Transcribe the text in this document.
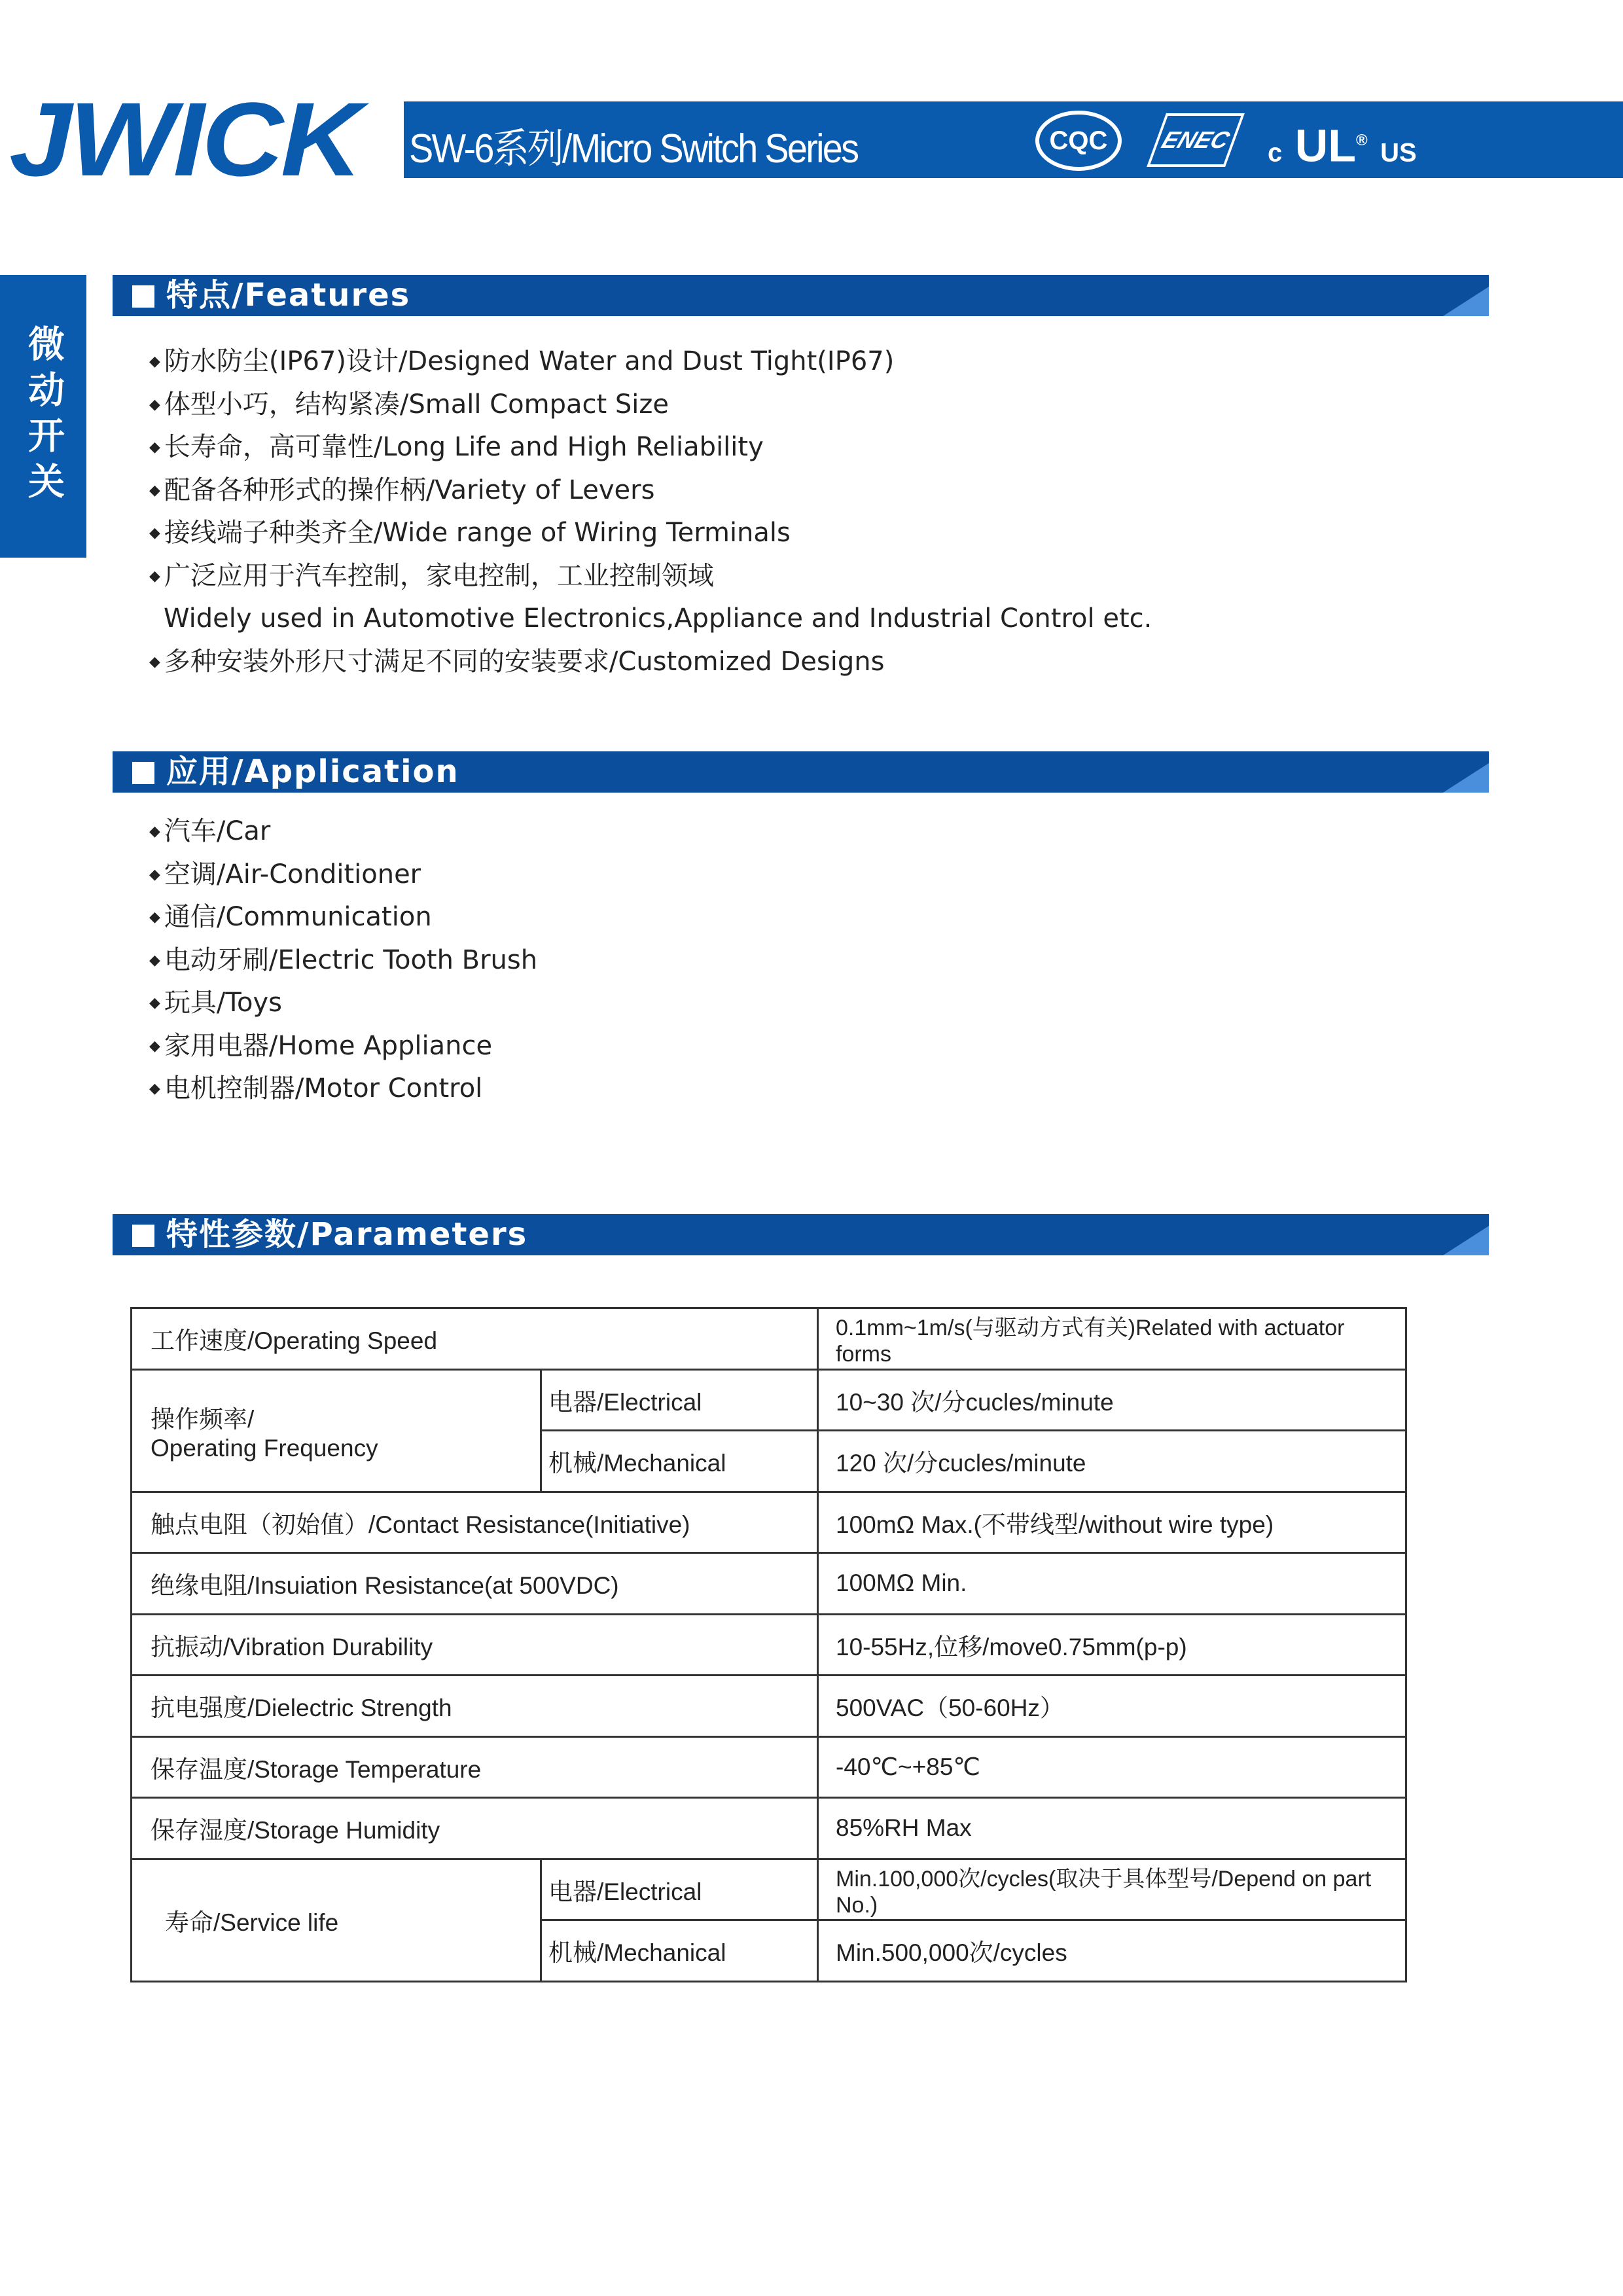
JWICK SW-6系列/Micro Switch Series	CQC	ENEC	c UL® US
微动开关
特点/Features
◆ 防水防尘(IP67)设计/Designed Water and Dust Tight(IP67)
◆ 体型小巧，结构紧凑/Small Compact Size
◆ 长寿命，高可靠性/Long Life and High Reliability
◆ 配备各种形式的操作柄/Variety of Levers
◆ 接线端子种类齐全/Wide range of Wiring Terminals
◆ 广泛应用于汽车控制，家电控制，工业控制领域
Widely used in Automotive Electronics,Appliance and Industrial Control etc.
◆ 多种安装外形尺寸满足不同的安装要求/Customized Designs
应用/Application
◆ 汽车/Car
◆ 空调/Air-Conditioner
◆ 通信/Communication
◆ 电动牙刷/Electric Tooth Brush
◆ 玩具/Toys
◆ 家用电器/Home Appliance
◆ 电机控制器/Motor Control
特性参数/Parameters
工作速度/Operating Speed		0.1mm~1m/s(与驱动方式有关)Related with actuator forms
操作频率/
Operating Frequency	电器/Electrical	10~30 次/分cucles/minute
	机械/Mechanical	120 次/分cucles/minute
触点电阻（初始值）/Contact Resistance(Initiative)		100mΩ Max.(不带线型/without wire type)
绝缘电阻/Insuiation Resistance(at 500VDC)		100MΩ Min.
抗振动/Vibration Durability		10-55Hz,位移/move0.75mm(p-p)
抗电强度/Dielectric Strength		500VAC（50-60Hz）
保存温度/Storage Temperature		-40℃~+85℃
保存湿度/Storage Humidity		85%RH Max
寿命/Service life	电器/Electrical	Min.100,000次/cycles(取决于具体型号/Depend on part No.)
	机械/Mechanical	Min.500,000次/cycles
